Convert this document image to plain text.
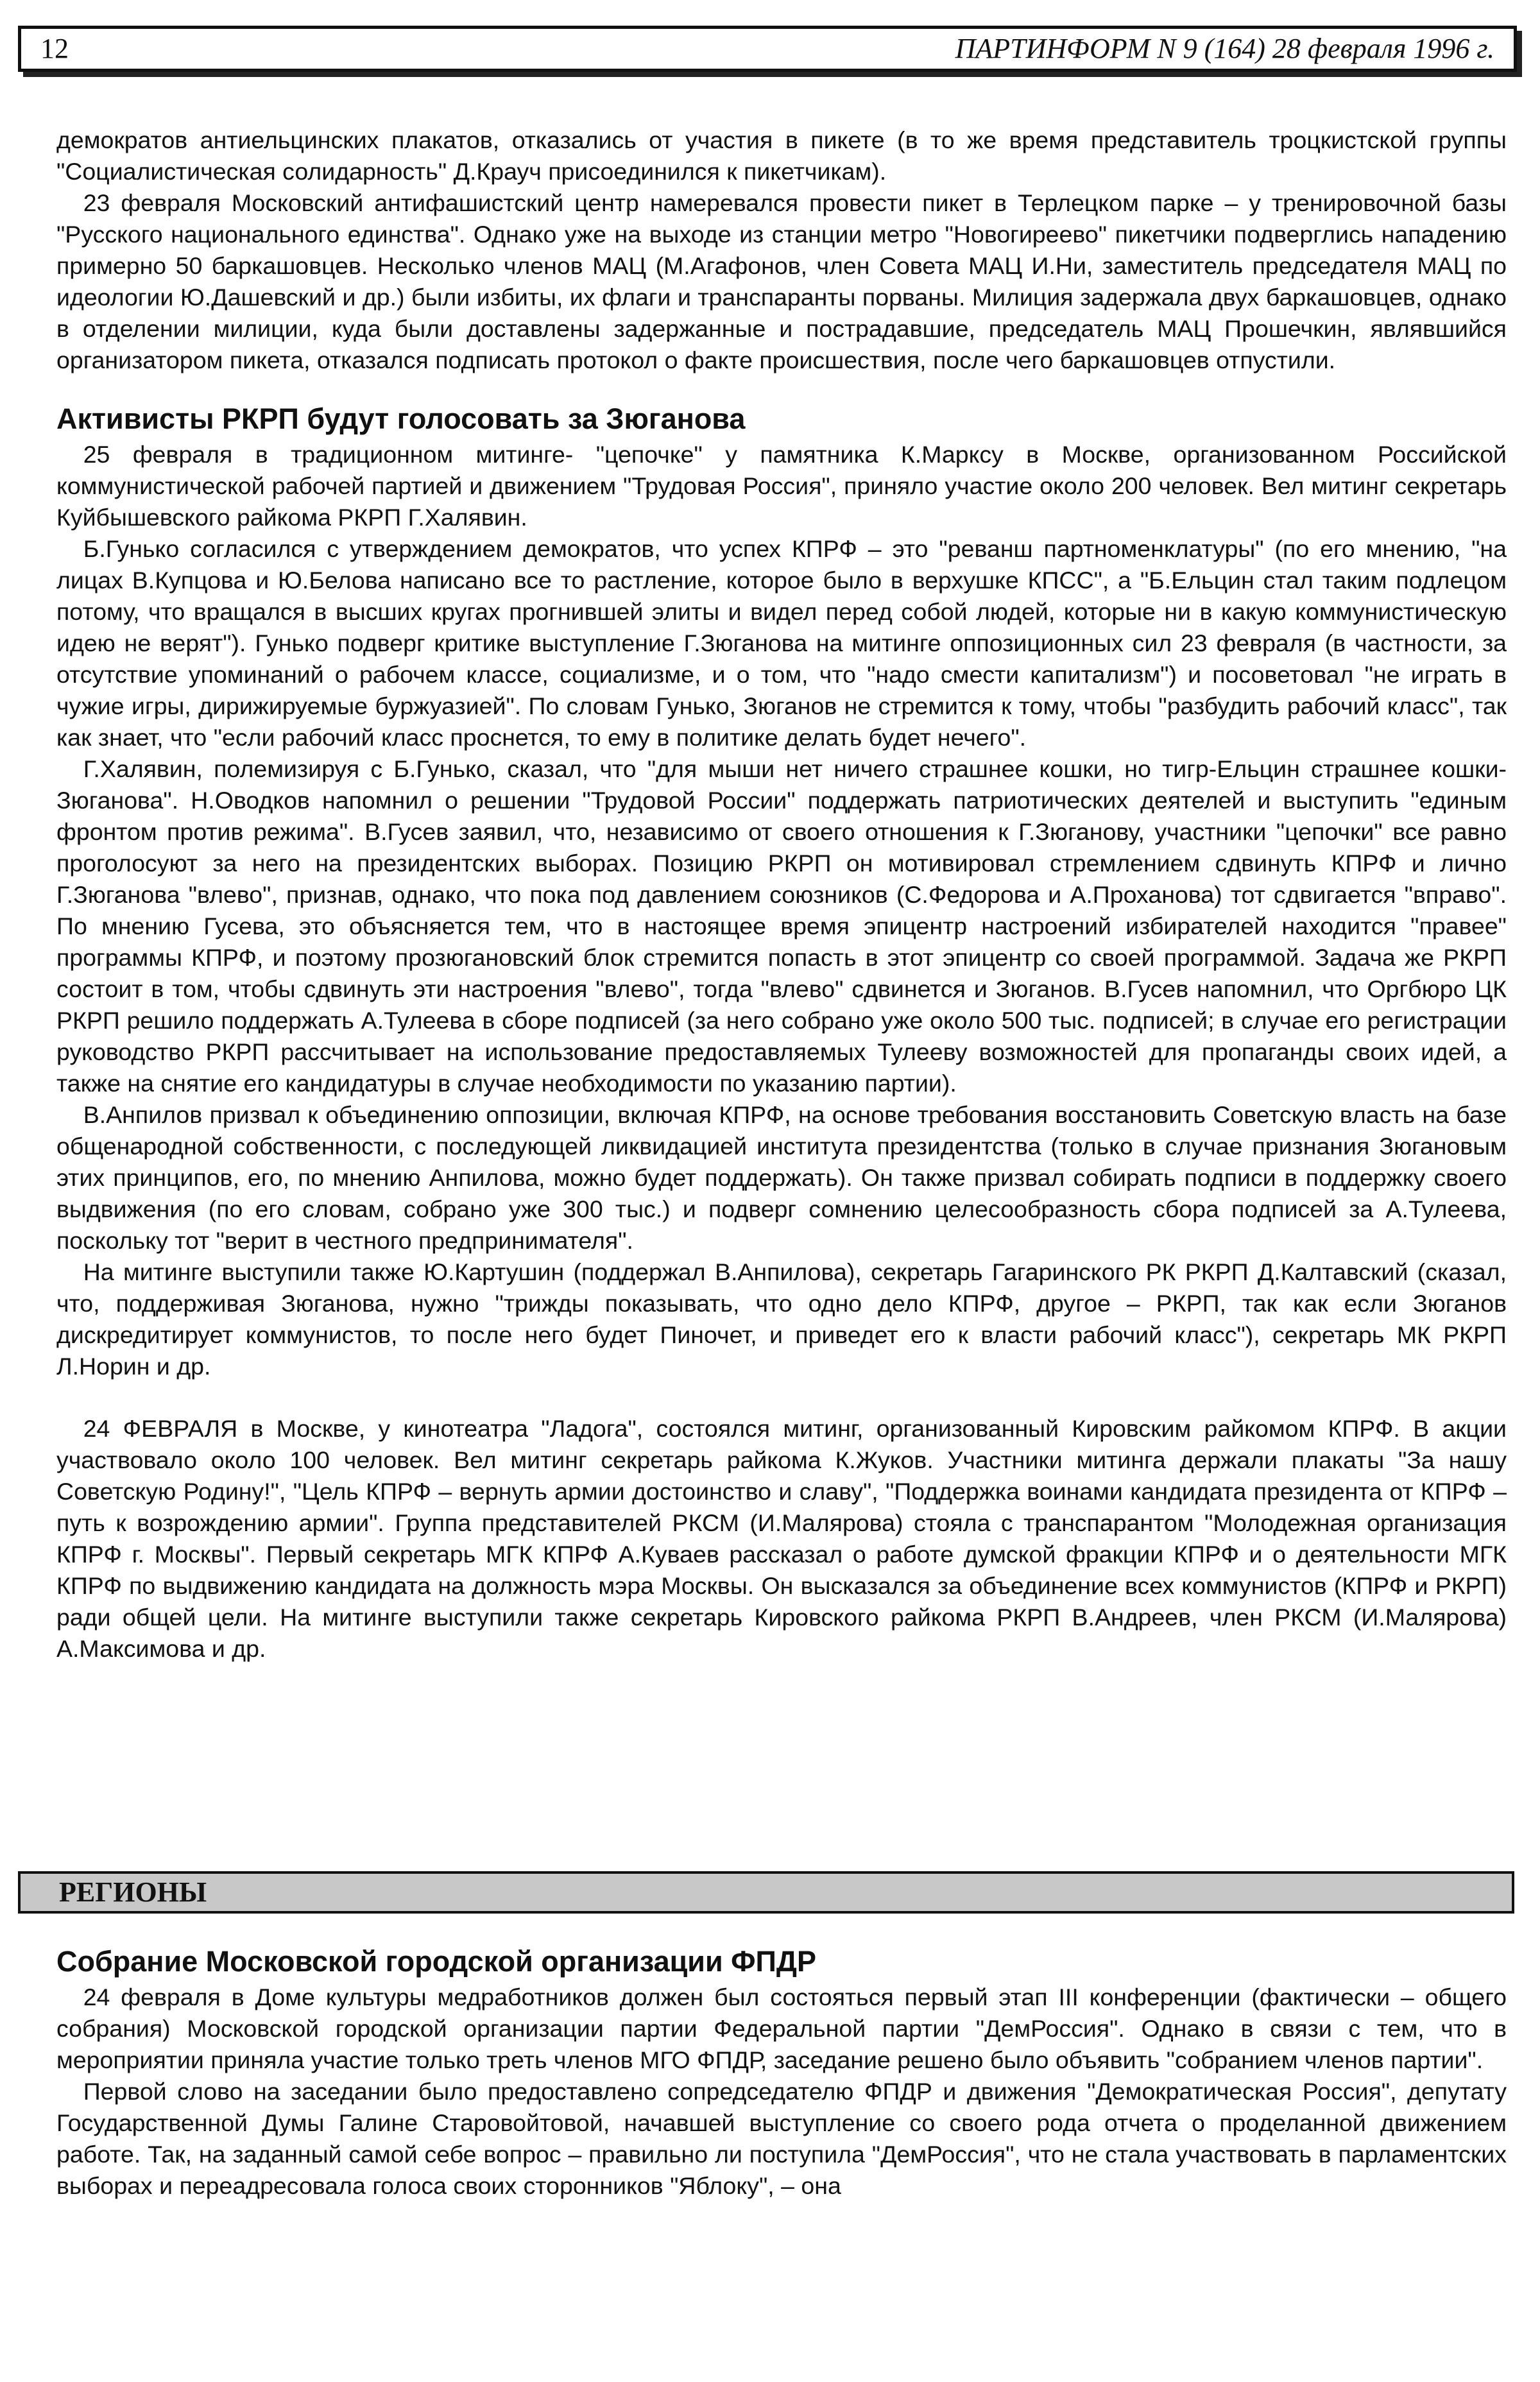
12	ПАРТИНФОРМ N 9 (164) 28 февраля 1996 г.

демократов антиельцинских плакатов, отказались от участия в пикете (в то же время представитель троцкистской группы "Социалистическая солидарность" Д.Крауч присоединился к пикетчикам).

23 февраля Московский антифашистский центр намеревался провести пикет в Терлецком парке – у тренировочной базы "Русского национального единства". Однако уже на выходе из станции метро "Новогиреево" пикетчики подверглись нападению примерно 50 баркашовцев. Несколько членов МАЦ (М.Агафонов, член Совета МАЦ И.Ни, заместитель председателя МАЦ по идеологии Ю.Дашевский и др.) были избиты, их флаги и транспаранты порваны. Милиция задержала двух баркашовцев, однако в отделении милиции, куда были доставлены задержанные и пострадавшие, председатель МАЦ Прошечкин, являвшийся организатором пикета, отказался подписать протокол о факте происшествия, после чего баркашовцев отпустили.

Активисты РКРП будут голосовать за Зюганова

25 февраля в традиционном митинге- "цепочке" у памятника К.Марксу в Москве, организованном Российской коммунистической рабочей партией и движением "Трудовая Россия", приняло участие около 200 человек. Вел митинг секретарь Куйбышевского райкома РКРП Г.Халявин.

Б.Гунько согласился с утверждением демократов, что успех КПРФ – это "реванш партноменклатуры" (по его мнению, "на лицах В.Купцова и Ю.Белова написано все то растление, которое было в верхушке КПСС", а "Б.Ельцин стал таким подлецом потому, что вращался в высших кругах прогнившей элиты и видел перед собой людей, которые ни в какую коммунистическую идею не верят"). Гунько подверг критике выступление Г.Зюганова на митинге оппозиционных сил 23 февраля (в частности, за отсутствие упоминаний о рабочем классе, социализме, и о том, что "надо смести капитализм") и посоветовал "не играть в чужие игры, дирижируемые буржуазией". По словам Гунько, Зюганов не стремится к тому, чтобы "разбудить рабочий класс", так как знает, что "если рабочий класс проснется, то ему в политике делать будет нечего".

Г.Халявин, полемизируя с Б.Гунько, сказал, что "для мыши нет ничего страшнее кошки, но тигр-Ельцин страшнее кошки-Зюганова". Н.Оводков напомнил о решении "Трудовой России" поддержать патриотических деятелей и выступить "единым фронтом против режима". В.Гусев заявил, что, независимо от своего отношения к Г.Зюганову, участники "цепочки" все равно проголосуют за него на президентских выборах. Позицию РКРП он мотивировал стремлением сдвинуть КПРФ и лично Г.Зюганова "влево", признав, однако, что пока под давлением союзников (С.Федорова и А.Проханова) тот сдвигается "вправо". По мнению Гусева, это объясняется тем, что в настоящее время эпицентр настроений избирателей находится "правее" программы КПРФ, и поэтому прозюгановский блок стремится попасть в этот эпицентр со своей программой. Задача же РКРП состоит в том, чтобы сдвинуть эти настроения "влево", тогда "влево" сдвинется и Зюганов. В.Гусев напомнил, что Оргбюро ЦК РКРП решило поддержать А.Тулеева в сборе подписей (за него собрано уже около 500 тыс. подписей; в случае его регистрации руководство РКРП рассчитывает на использование предоставляемых Тулееву возможностей для пропаганды своих идей, а также на снятие его кандидатуры в случае необходимости по указанию партии).

В.Анпилов призвал к объединению оппозиции, включая КПРФ, на основе требования восстановить Советскую власть на базе общенародной собственности, с последующей ликвидацией института президентства (только в случае признания Зюгановым этих принципов, его, по мнению Анпилова, можно будет поддержать). Он также призвал собирать подписи в поддержку своего выдвижения (по его словам, собрано уже 300 тыс.) и подверг сомнению целесообразность сбора подписей за А.Тулеева, поскольку тот "верит в честного предпринимателя".

На митинге выступили также Ю.Картушин (поддержал В.Анпилова), секретарь Гагаринского РК РКРП Д.Калтавский (сказал, что, поддерживая Зюганова, нужно "трижды показывать, что одно дело КПРФ, другое – РКРП, так как если Зюганов дискредитирует коммунистов, то после него будет Пиночет, и приведет его к власти рабочий класс"), секретарь МК РКРП Л.Норин и др.

24 ФЕВРАЛЯ в Москве, у кинотеатра "Ладога", состоялся митинг, организованный Кировским райкомом КПРФ. В акции участвовало около 100 человек. Вел митинг секретарь райкома К.Жуков. Участники митинга держали плакаты "За нашу Советскую Родину!", "Цель КПРФ – вернуть армии достоинство и славу", "Поддержка воинами кандидата президента от КПРФ – путь к возрождению армии". Группа представителей РКСМ (И.Малярова) стояла с транспарантом "Молодежная организация КПРФ г. Москвы". Первый секретарь МГК КПРФ А.Куваев рассказал о работе думской фракции КПРФ и о деятельности МГК КПРФ по выдвижению кандидата на должность мэра Москвы. Он высказался за объединение всех коммунистов (КПРФ и РКРП) ради общей цели. На митинге выступили также секретарь Кировского райкома РКРП В.Андреев, член РКСМ (И.Малярова) А.Максимова и др.

РЕГИОНЫ
Собрание Московской городской организации ФПДР

24 февраля в Доме культуры медработников должен был состояться первый этап III конференции (фактически – общего собрания) Московской городской организации партии Федеральной партии "ДемРоссия". Однако в связи с тем, что в мероприятии приняла участие только треть членов МГО ФПДР, заседание решено было объявить "собранием членов партии".

Первой слово на заседании было предоставлено сопредседателю ФПДР и движения "Демократическая Россия", депутату Государственной Думы Галине Старовойтовой, начавшей выступление со своего рода отчета о проделанной движением работе. Так, на заданный самой себе вопрос – правильно ли поступила "ДемРоссия", что не стала участвовать в парламентских выборах и переадресовала голоса своих сторонников "Яблоку", – она
